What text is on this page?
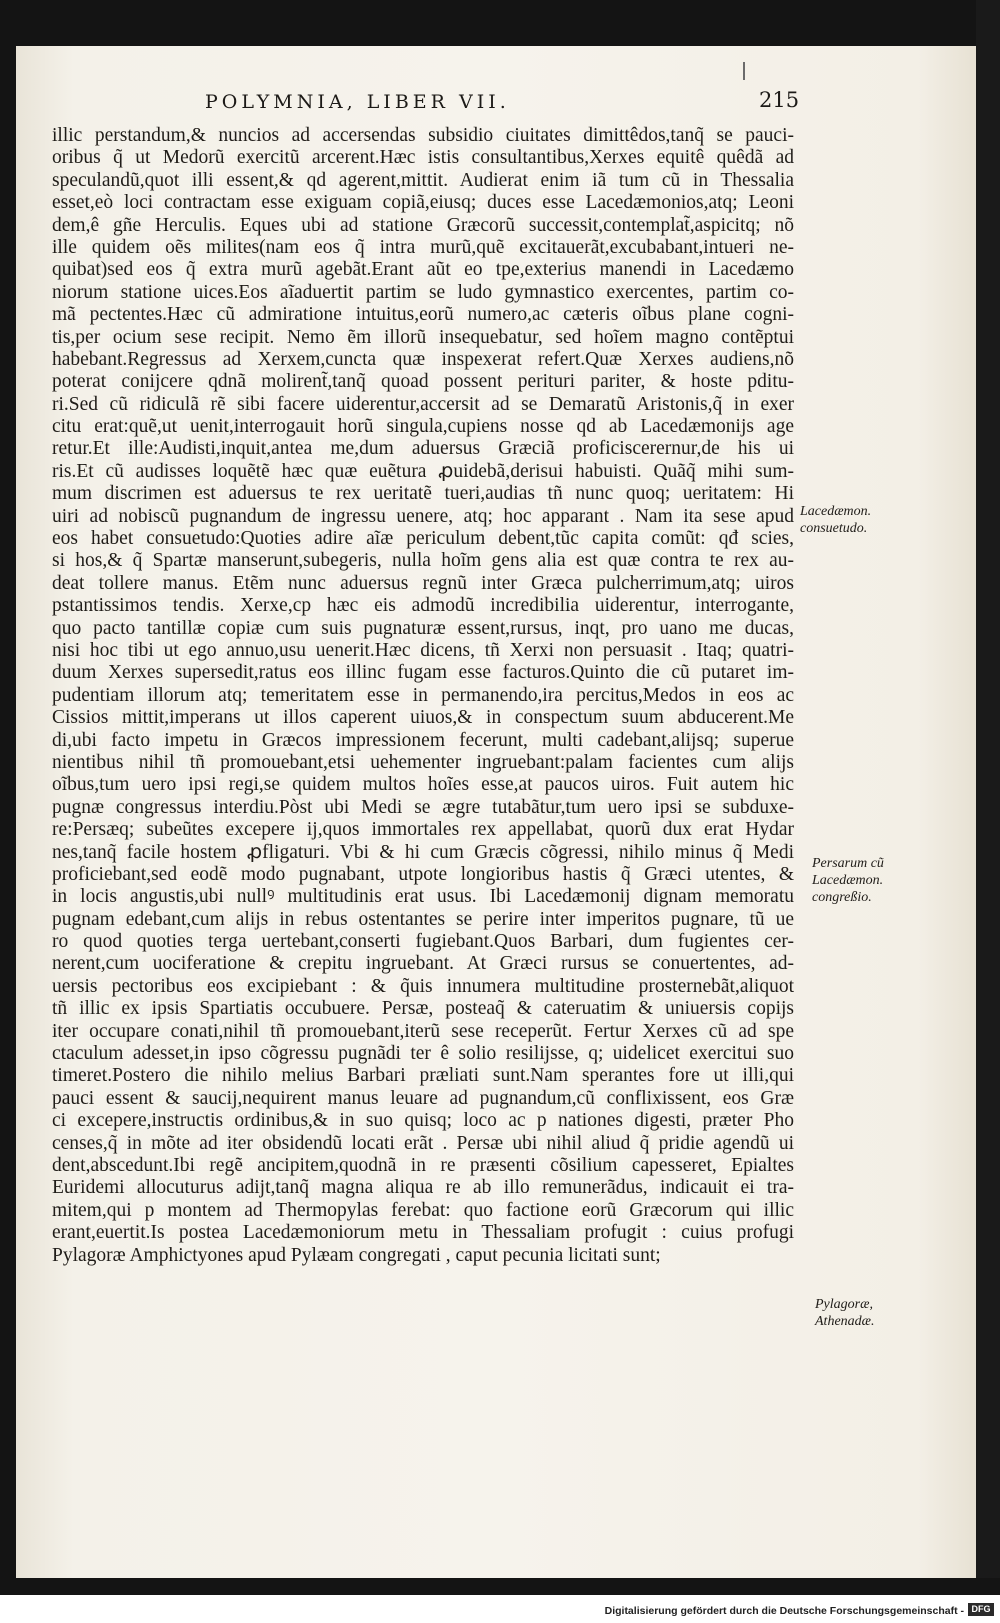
POLYMNIA, LIBER VII.	215
illic perstandum,& nuncios ad accersendas subsidio ciuitates dimittêdos,tanq̃ se pauci-
oribus q̃ ut Medorũ exercitũ arcerent.Hæc istis consultantibus,Xerxes equitê quêdã ad
speculandũ,quot illi essent,& qd agerent,mittit. Audierat enim iã tum cũ in Thessalia
esset,eò loci contractam esse exiguam copiã,eiusq; duces esse Lacedæmonios,atq; Leoni
dem,ê gñe Herculis. Eques ubi ad statione Græcorũ successit,contemplat̃,aspicitq; nõ
ille quidem oẽs milites(nam eos q̃ intra murũ,quẽ excitauerãt,excubabant,intueri ne-
quibat)sed eos q̃ extra murũ agebãt.Erant aũt eo tpe,exterius manendi in Lacedæmo
niorum statione uices.Eos aĩaduertit partim se ludo gymnastico exercentes, partim co-
mã pectentes.Hæc cũ admiratione intuitus,eorũ numero,ac cæteris oĩbus plane cogni-
tis,per ocium sese recipit. Nemo ẽm illorũ insequebatur, sed hoĩem magno contẽptui
habebant.Regressus ad Xerxem,cuncta quæ inspexerat refert.Quæ Xerxes audiens,nõ
poterat conijcere qdnã molirent̃,tanq̃ quoad possent perituri pariter, & hoste pditu-
ri.Sed cũ ridiculã rẽ sibi facere uiderentur,accersit ad se Demaratũ Aristonis,q̃ in exer
citu erat:quẽ,ut uenit,interrogauit horũ singula,cupiens nosse qd ab Lacedæmonijs age
retur.Et ille:Audisti,inquit,antea me,dum aduersus Græciã proficiscerernur,de his ui
ris.Et cũ audisses loquẽtẽ hæc quæ euẽtura ꝓuidebã,derisui habuisti. Quãq̃ mihi sum-
mum discrimen est aduersus te rex ueritatẽ tueri,audias tñ nunc quoq; ueritatem: Hi
uiri ad nobiscũ pugnandum de ingressu uenere, atq; hoc apparant . Nam ita sese apud
eos habet consuetudo:Quoties adire aĩæ periculum debent,tũc capita comũt: qđ scies,
si hos,& q̃ Spartæ manserunt,subegeris, nulla hoĩm gens alia est quæ contra te rex au-
deat tollere manus. Etẽm nunc aduersus regnũ inter Græca pulcherrimum,atq; uiros
pstantissimos tendis. Xerxe,cp hæc eis admodũ incredibilia uiderentur, interrogante,
quo pacto tantillæ copiæ cum suis pugnaturæ essent,rursus, inqt, pro uano me ducas,
nisi hoc tibi ut ego annuo,usu uenerit.Hæc dicens, tñ Xerxi non persuasit . Itaq; quatri-
duum Xerxes supersedit,ratus eos illinc fugam esse facturos.Quinto die cũ putaret im-
pudentiam illorum atq; temeritatem esse in permanendo,ira percitus,Medos in eos ac
Cissios mittit,imperans ut illos caperent uiuos,& in conspectum suum abducerent.Me
di,ubi facto impetu in Græcos impressionem fecerunt, multi cadebant,alijsq; superue
nientibus nihil tñ promouebant,etsi uehementer ingruebant:palam facientes cum alijs
oĩbus,tum uero ipsi regi,se quidem multos hoĩes esse,at paucos uiros. Fuit autem hic
pugnæ congressus interdiu.Pòst ubi Medi se ægre tutabãtur,tum uero ipsi se subduxe-
re:Persæq; subeũtes excepere ij,quos immortales rex appellabat, quorũ dux erat Hydar
nes,tanq̃ facile hostem ꝓfligaturi. Vbi & hi cum Græcis cõgressi, nihilo minus q̃ Medi
proficiebant,sed eodẽ modo pugnabant, utpote longioribus hastis q̃ Græci utentes, &
in locis angustis,ubi nullꝰ multitudinis erat usus. Ibi Lacedæmonij dignam memoratu
pugnam edebant,cum alijs in rebus ostentantes se perire inter imperitos pugnare, tũ ue
ro quod quoties terga uertebant,conserti fugiebant.Quos Barbari, dum fugientes cer-
nerent,cum uociferatione & crepitu ingruebant. At Græci rursus se conuertentes, ad-
uersis pectoribus eos excipiebant : & q̃uis innumera multitudine prosternebãt,aliquot
tñ illic ex ipsis Spartiatis occubuere. Persæ, posteaq̃ & cateruatim & uniuersis copijs
iter occupare conati,nihil tñ promouebant,iterũ sese receperũt. Fertur Xerxes cũ ad spe
ctaculum adesset,in ipso cõgressu pugnãdi ter ê solio resilijsse, q; uidelicet exercitui suo
timeret.Postero die nihilo melius Barbari præliati sunt.Nam sperantes fore ut illi,qui
pauci essent & saucij,nequirent manus leuare ad pugnandum,cũ conflixissent, eos Græ
ci excepere,instructis ordinibus,& in suo quisq; loco ac p nationes digesti, præter Pho
censes,q̃ in mõte ad iter obsidendũ locati erãt . Persæ ubi nihil aliud q̃ pridie agendũ ui
dent,abscedunt.Ibi regẽ ancipitem,quodnã in re præsenti cõsilium capesseret, Epialtes
Euridemi allocuturus adijt,tanq̃ magna aliqua re ab illo remunerãdus, indicauit ei tra-
mitem,qui p montem ad Thermopylas ferebat: quo factione eorũ Græcorum qui illic
erant,euertit.Is postea Lacedæmoniorum metu in Thessaliam profugit : cuius profugi
Pylagoræ Amphictyones apud Pylæam congregati , caput pecunia licitati sunt;
Lacedæmon.
consuetudo.
Persarum cũ
Lacedæmon.
congreßio.
Pylagoræ,
Athenadæ.
Digitalisierung gefördert durch die Deutsche Forschungsgemeinschaft - DFG
